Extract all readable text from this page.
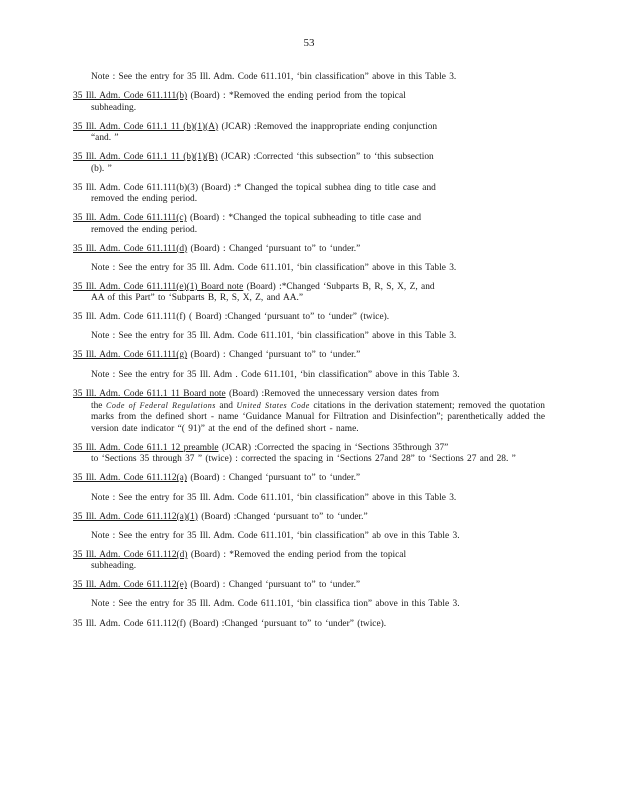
53

Note : See the entry for 35 Ill. Adm. Code 611.101, ‘bin classification” above in this Table 3.

35 Ill. Adm. Code 611.111(b) (Board) : *Removed the ending period from the topical
subheading.

35 Ill. Adm. Code 611.1 11 (b)(1)(A) (JCAR) :Removed the inappropriate ending conjunction
“and. ”

35 Ill. Adm. Code 611.1 11 (b)(1)(B) (JCAR) :Corrected ‘this subsection” to ‘this subsection
(b). ”

35 Ill. Adm. Code 611.111(b)(3) (Board) :* Changed the topical subhea ding to title case and
removed the ending period.

35 Ill. Adm. Code 611.111(c) (Board) : *Changed the topical subheading to title case and
removed the ending period.

35 Ill. Adm. Code 611.111(d) (Board) : Changed ‘pursuant to” to ‘under.”

Note : See the entry for 35 Ill. Adm. Code 611.101, ‘bin classification” above in this Table 3.

35 Ill. Adm. Code 611.111(e)(1) Board note (Board) :*Changed ‘Subparts B, R, S, X, Z, and
AA of this Part” to ‘Subparts B, R, S, X, Z, and AA.”

35 Ill. Adm. Code 611.111(f) ( Board) :Changed ‘pursuant to” to ‘under” (twice).

Note : See the entry for 35 Ill. Adm. Code 611.101, ‘bin classification” above in this Table 3.

35 Ill. Adm. Code 611.111(g) (Board) : Changed ‘pursuant to” to ‘under.”

Note : See the entry for 35 Ill. Adm . Code 611.101, ‘bin classification” above in this Table 3.

35 Ill. Adm. Code 611.1 11 Board note (Board) :Removed the unnecessary version dates from
the Code of Federal Regulations and United States Code citations in the derivation statement; removed the quotation marks from the defined short - name ‘Guidance Manual for Filtration and Disinfection”; parenthetically added the version date indicator “( 91)” at the end of the defined short - name.

35 Ill. Adm. Code 611.1 12 preamble (JCAR) :Corrected the spacing in ‘Sections 35through 37”
to ‘Sections 35 through 37 ” (twice) : corrected the spacing in ‘Sections 27and 28” to ‘Sections 27 and 28. ”

35 Ill. Adm. Code 611.112(a) (Board) : Changed ‘pursuant to” to ‘under.”

Note : See the entry for 35 Ill. Adm. Code 611.101, ‘bin classification” above in this Table 3.

35 Ill. Adm. Code 611.112(a)(1) (Board) :Changed ‘pursuant to” to ‘under.”

Note : See the entry for 35 Ill. Adm. Code 611.101, ‘bin classification” ab ove in this Table 3.

35 Ill. Adm. Code 611.112(d) (Board) : *Removed the ending period from the topical
subheading.

35 Ill. Adm. Code 611.112(e) (Board) : Changed ‘pursuant to” to ‘under.”

Note : See the entry for 35 Ill. Adm. Code 611.101, ‘bin classifica tion” above in this Table 3.

35 Ill. Adm. Code 611.112(f) (Board) :Changed ‘pursuant to” to ‘under” (twice).
